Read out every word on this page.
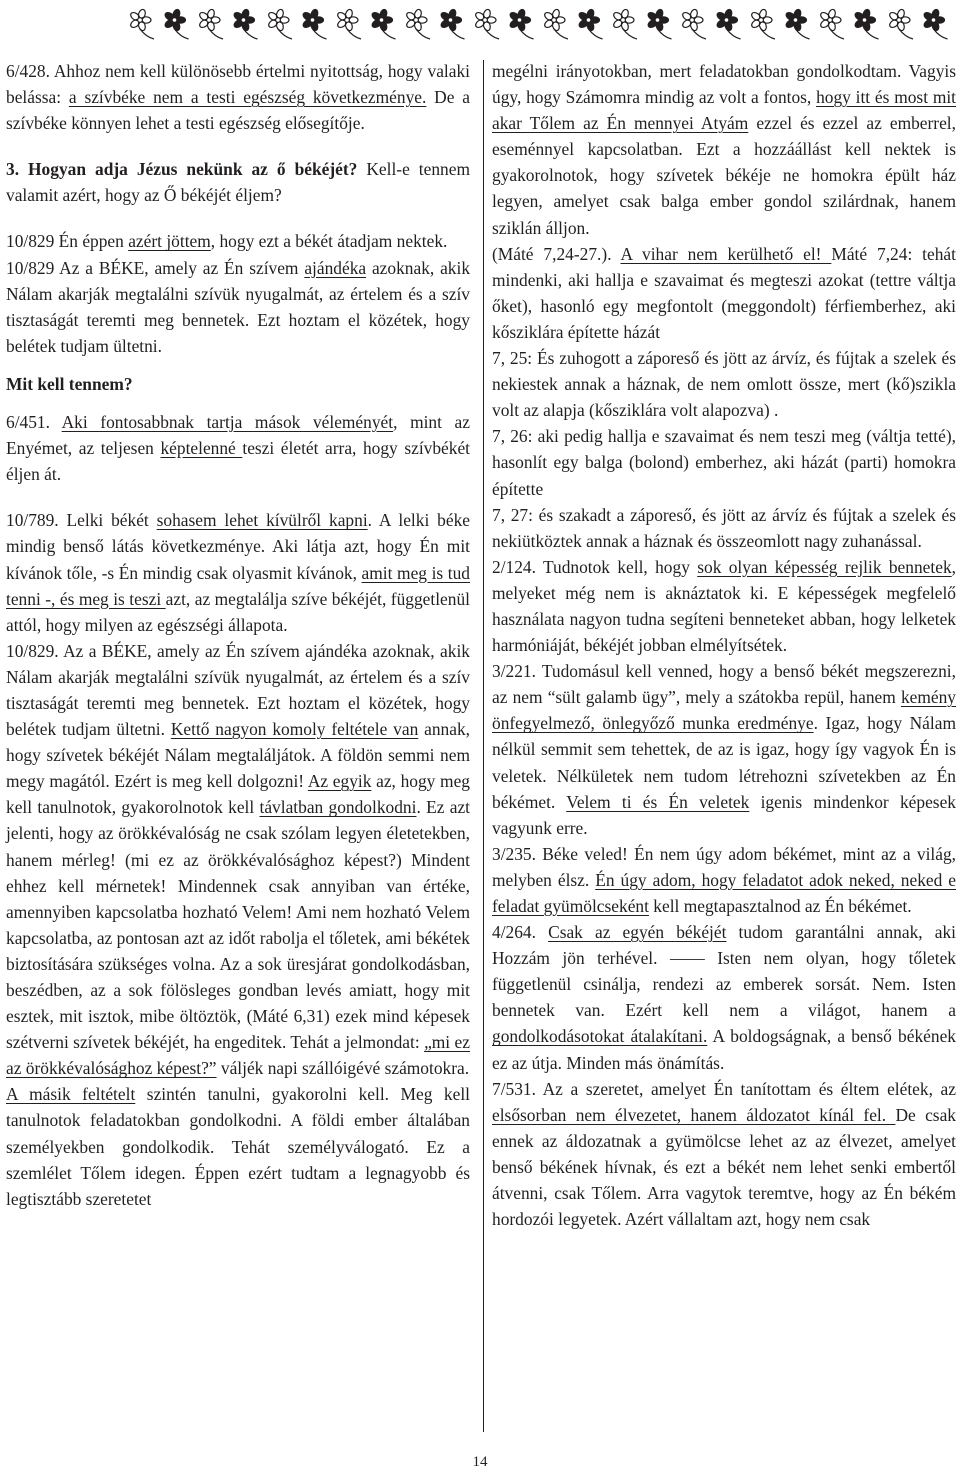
6/428. Ahhoz nem kell különösebb értelmi nyitottság, hogy valaki belássa: a szívbéke nem a testi egészség következménye. De a szívbéke könnyen lehet a testi egészség elősegítője.

3. Hogyan adja Jézus nekünk az ő békéjét? Kell-e tennem valamit azért, hogy az Ő békéjét éljem?

10/829 Én éppen azért jöttem, hogy ezt a békét átadjam nektek.

10/829 Az a BÉKE, amely az Én szívem ajándéka azoknak, akik Nálam akarják megtalálni szívük nyugalmát, az értelem és a szív tisztaságát teremti meg bennetek. Ezt hoztam el közétek, hogy belétek tudjam ültetni.

Mit kell tennem?

6/451. Aki fontosabbnak tartja mások véleményét, mint az Enyémet, az teljesen képtelenné teszi életét arra, hogy szívbékét éljen át.

10/789. Lelki békét sohasem lehet kívülről kapni. A lelki béke mindig benső látás következménye. Aki látja azt, hogy Én mit kívánok tőle, -s Én mindig csak olyasmit kívánok, amit meg is tud tenni -, és meg is teszi azt, az megtalálja szíve békéjét, függetlenül attól, hogy milyen az egészségi állapota.

10/829. Az a BÉKE, amely az Én szívem ajándéka azoknak, akik Nálam akarják megtalálni szívük nyugalmát, az értelem és a szív tisztaságát teremti meg bennetek. Ezt hoztam el közétek, hogy belétek tudjam ültetni. Kettő nagyon komoly feltétele van annak, hogy szívetek békéjét Nálam megtaláljátok. A földön semmi nem megy magától. Ezért is meg kell dolgozni! Az egyik az, hogy meg kell tanulnotok, gyakorolnotok kell távlatban gondolkodni. Ez azt jelenti, hogy az örökkévalóság ne csak szólam legyen életetekben, hanem mérleg! (mi ez az örökkévalósághoz képest?) Mindent ehhez kell mérnetek! Mindennek csak annyiban van értéke, amennyiben kapcsolatba hozható Velem! Ami nem hozható Velem kapcsolatba, az pontosan azt az időt rabolja el tőletek, ami békétek biztosítására szükséges volna. Az a sok üresjárat gondolkodásban, beszédben, az a sok fölösleges gondban levés amiatt, hogy mit esztek, mit isztok, mibe öltöztök, (Máté 6,31) ezek mind képesek szétverni szívetek békéjét, ha engeditek. Tehát a jelmondat: „mi ez az örökkévalósághoz képest?” váljék napi szállóigévé számotokra.

A másik feltételt szintén tanulni, gyakorolni kell. Meg kell tanulnotok feladatokban gondolkodni. A földi ember általában személyekben gondolkodik. Tehát személyválogató. Ez a szemlélet Tőlem idegen. Éppen ezért tudtam a legnagyobb és legtisztább szeretetet

megélni irányotokban, mert feladatokban gondolkodtam. Vagyis úgy, hogy Számomra mindig az volt a fontos, hogy itt és most mit akar Tőlem az Én mennyei Atyám ezzel és ezzel az emberrel, eseménnyel kapcsolatban. Ezt a hozzáállást kell nektek is gyakorolnotok, hogy szívetek békéje ne homokra épült ház legyen, amelyet csak balga ember gondol szilárdnak, hanem sziklán álljon.

(Máté 7,24-27.). A vihar nem kerülhető el! Máté 7,24: tehát mindenki, aki hallja e szavaimat és megteszi azokat (tettre váltja őket), hasonló egy megfontolt (meggondolt) férfiemberhez, aki kősziklára építette házát

7, 25: És zuhogott a záporeső és jött az árvíz, és fújtak a szelek és nekiestek annak a háznak, de nem omlott össze, mert (kő)szikla volt az alapja (kősziklára volt alapozva) .

7, 26: aki pedig hallja e szavaimat és nem teszi meg (váltja tetté), hasonlít egy balga (bolond) emberhez, aki házát (parti) homokra építette

7, 27: és szakadt a záporeső, és jött az árvíz és fújtak a szelek és nekiütköztek annak a háznak és összeomlott nagy zuhanással.

2/124. Tudnotok kell, hogy sok olyan képesség rejlik bennetek, melyeket még nem is aknáztatok ki. E képességek megfelelő használata nagyon tudna segíteni benneteket abban, hogy lelketek harmóniáját, békéjét jobban elmélyítsétek.

3/221. Tudomásul kell venned, hogy a benső békét megszerezni, az nem “sült galamb ügy”, mely a szátokba repül, hanem kemény önfegyelmező, önlegyőző munka eredménye. Igaz, hogy Nálam nélkül semmit sem tehettek, de az is igaz, hogy így vagyok Én is veletek. Nélkületek nem tudom létrehozni szívetekben az Én békémet. Velem ti és Én veletek igenis mindenkor képesek vagyunk erre.

3/235. Béke veled! Én nem úgy adom békémet, mint az a világ, melyben élsz. Én úgy adom, hogy feladatot adok neked, neked e feladat gyümölcseként kell megtapasztalnod az Én békémet.

4/264. Csak az egyén békéjét tudom garantálni annak, aki Hozzám jön terhével. —— Isten nem olyan, hogy tőletek függetlenül csinálja, rendezi az emberek sorsát. Nem. Isten bennetek van. Ezért kell nem a világot, hanem a gondolkodásotokat átalakítani. A boldogságnak, a benső békének ez az útja. Minden más önámítás.

7/531. Az a szeretet, amelyet Én tanítottam és éltem elétek, az elsősorban nem élvezetet, hanem áldozatot kínál fel. De csak ennek az áldozatnak a gyümölcse lehet az az élvezet, amelyet benső békének hívnak, és ezt a békét nem lehet senki embertől átvenni, csak Tőlem. Arra vagytok teremtve, hogy az Én békém hordozói legyetek. Azért vállaltam azt, hogy nem csak

14
